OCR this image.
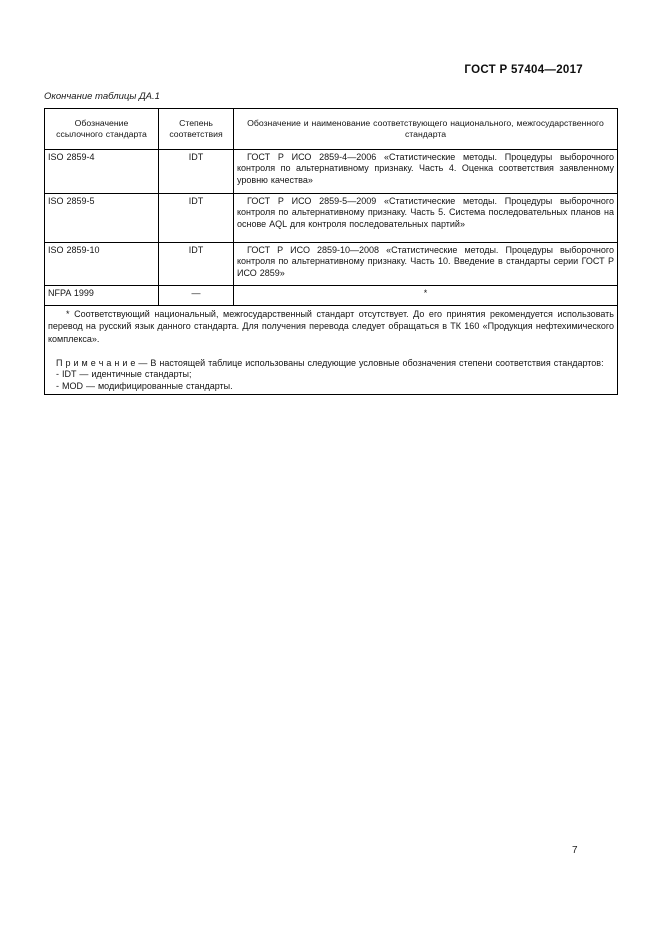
ГОСТ Р 57404—2017
Окончание таблицы ДА.1
Обозначение ссылочного стандарта	Степень соответствия	Обозначение и наименование соответствующего национального, межгосударственного стандарта
ISO 2859-4	IDT	ГОСТ Р ИСО 2859-4—2006 «Статистические методы. Процедуры выборочного контроля по альтернативному признаку. Часть 4. Оценка соответствия заявленному уровню качества»

ISO 2859-5	IDT	ГОСТ Р ИСО 2859-5—2009 «Статистические методы. Процедуры выборочного контроля по альтернативному признаку. Часть 5. Система последовательных планов на основе AQL для контроля последовательных партий»

ISO 2859-10	IDT	ГОСТ Р ИСО 2859-10—2008 «Статистические методы. Процедуры выборочного контроля по альтернативному признаку. Часть 10. Введение в стандарты серии ГОСТ Р ИСО 2859»

NFPA 1999	—	*

* Соответствующий национальный, межгосударственный стандарт отсутствует. До его принятия рекомендуется использовать перевод на русский язык данного стандарта. Для получения перевода следует обращаться в ТК 160 «Продукция нефтехимического комплекса».
П р и м е ч а н и е — В настоящей таблице использованы следующие условные обозначения степени соответствия стандартов:
- IDT — идентичные стандарты;
- MOD — модифицированные стандарты.		
7
